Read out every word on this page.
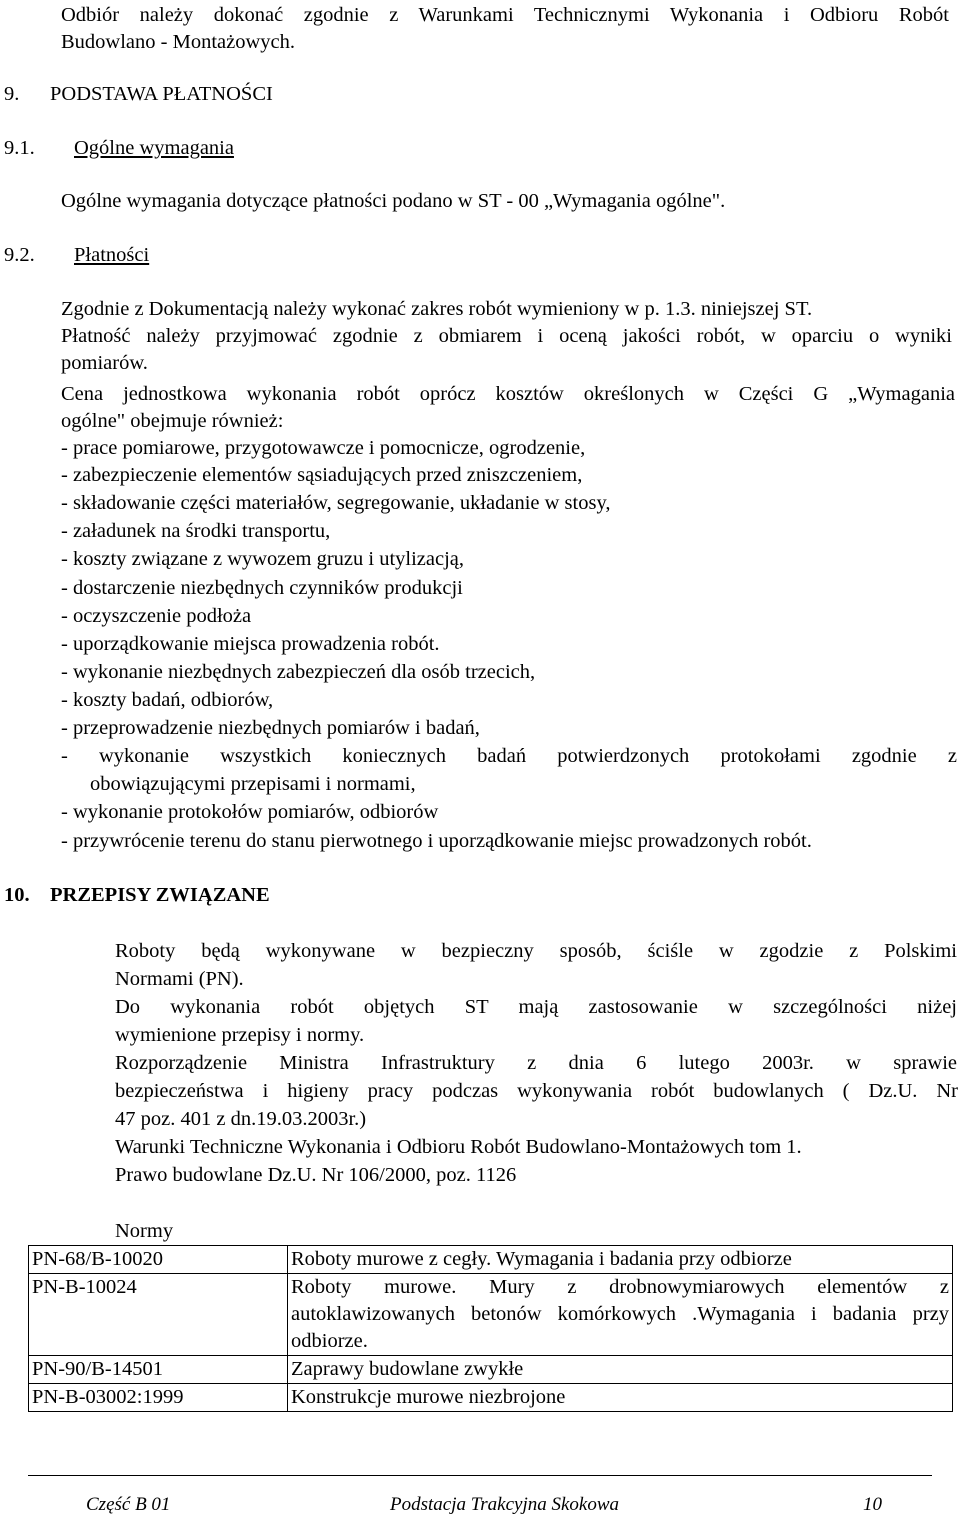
Odbiór należy dokonać zgodnie z Warunkami Technicznymi Wykonania i Odbioru Robót
Budowlano - Montażowych.
9. PODSTAWA PŁATNOŚCI
9.1. Ogólne wymagania
Ogólne wymagania dotyczące płatności podano w ST - 00 „Wymagania ogólne".
9.2. Płatności
Zgodnie z Dokumentacją należy wykonać zakres robót wymieniony w p. 1.3. niniejszej ST.
Płatność należy przyjmować zgodnie z obmiarem i oceną jakości robót, w oparciu o wyniki
pomiarów.
Cena jednostkowa wykonania robót oprócz kosztów określonych w Części G „Wymagania
ogólne" obejmuje również:
- prace pomiarowe, przygotowawcze i pomocnicze, ogrodzenie,
- zabezpieczenie elementów sąsiadujących przed zniszczeniem,
- składowanie części materiałów, segregowanie, układanie w stosy,
- załadunek na środki transportu,
- koszty związane z wywozem gruzu i utylizacją,
- dostarczenie niezbędnych czynników produkcji
- oczyszczenie podłoża
- uporządkowanie miejsca prowadzenia robót.
- wykonanie niezbędnych zabezpieczeń dla osób trzecich,
- koszty badań, odbiorów,
- przeprowadzenie niezbędnych pomiarów i badań,
- wykonanie wszystkich koniecznych badań potwierdzonych protokołami zgodnie z
obowiązującymi przepisami i normami,
- wykonanie protokołów pomiarów, odbiorów
- przywrócenie terenu do stanu pierwotnego i uporządkowanie miejsc prowadzonych robót.
10. PRZEPISY ZWIĄZANE
Roboty będą wykonywane w bezpieczny sposób, ściśle w zgodzie z Polskimi
Normami (PN).
Do wykonania robót objętych ST mają zastosowanie w szczególności niżej
wymienione przepisy i normy.
Rozporządzenie Ministra Infrastruktury z dnia 6 lutego 2003r. w sprawie
bezpieczeństwa i higieny pracy podczas wykonywania robót budowlanych ( Dz.U. Nr
47 poz. 401 z dn.19.03.2003r.)
Warunki Techniczne Wykonania i Odbioru Robót Budowlano-Montażowych tom 1.
Prawo budowlane Dz.U. Nr 106/2000, poz. 1126
Normy
PN-68/B-10020	Roboty murowe z cegły. Wymagania i badania przy odbiorze
PN-B-10024	Roboty murowe. Mury z drobnowymiarowych elementów z autoklawizowanych betonów komórkowych .Wymagania i badania przy odbiorze.
PN-90/B-14501	Zaprawy budowlane zwykłe
PN-B-03002:1999	Konstrukcje murowe niezbrojone
Część B 01	Podstacja Trakcyjna Skokowa	10
